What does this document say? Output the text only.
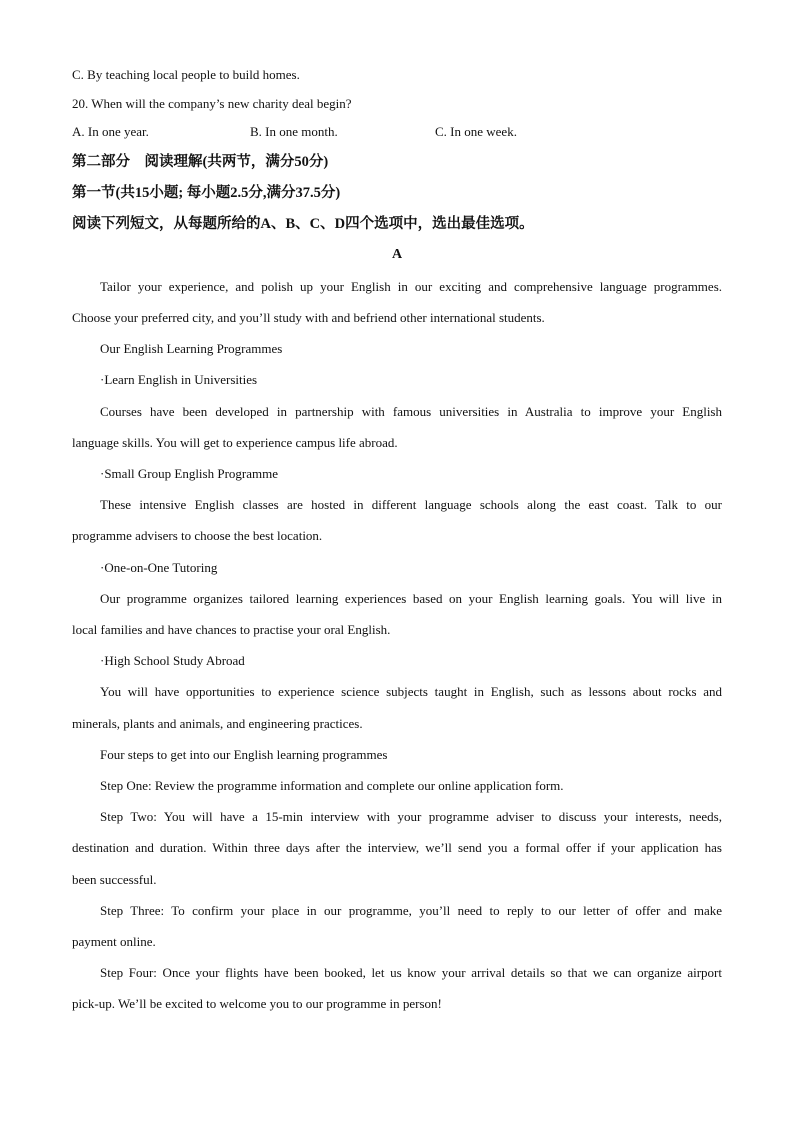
C. By teaching local people to build homes.
20. When will the company’s new charity deal begin?
A. In one year.	B. In one month.	C. In one week.
第二部分　阅读理解(共两节，满分50分)
第一节(共15小题; 每小题2.5分,满分37.5分)
阅读下列短文，从每题所给的A、B、C、D四个选项中，选出最佳选项。
A
Tailor your experience, and polish up your English in our exciting and comprehensive language programmes.
Choose your preferred city, and you’ll study with and befriend other international students.
Our English Learning Programmes
·Learn English in Universities
Courses have been developed in partnership with famous universities in Australia to improve your English
language skills. You will get to experience campus life abroad.
·Small Group English Programme
These intensive English classes are hosted in different language schools along the east coast. Talk to our
programme advisers to choose the best location.
·One-on-One Tutoring
Our programme organizes tailored learning experiences based on your English learning goals. You will live in
local families and have chances to practise your oral English.
·High School Study Abroad
You will have opportunities to experience science subjects taught in English, such as lessons about rocks and
minerals, plants and animals, and engineering practices.
Four steps to get into our English learning programmes
Step One: Review the programme information and complete our online application form.
Step Two: You will have a 15-min interview with your programme adviser to discuss your interests, needs,
destination and duration. Within three days after the interview, we’ll send you a formal offer if your application has
been successful.
Step Three: To confirm your place in our programme, you’ll need to reply to our letter of offer and make
payment online.
Step Four: Once your flights have been booked, let us know your arrival details so that we can organize airport
pick-up. We’ll be excited to welcome you to our programme in person!
